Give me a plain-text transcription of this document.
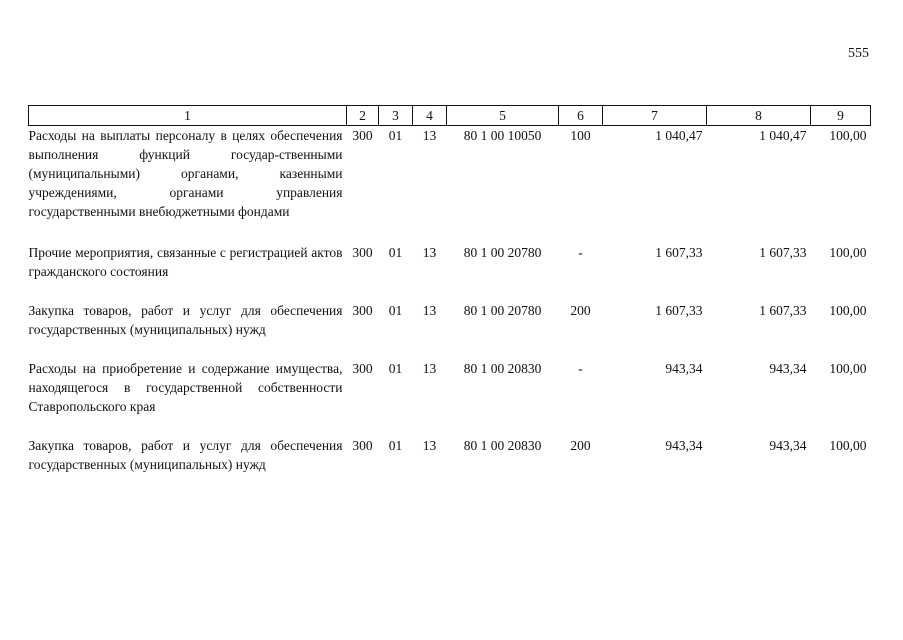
555
1	2	3	4	5	6	7	8	9
Расходы на выплаты персоналу в целях обеспечения выполнения функций государ-ственными (муниципальными) органами, казенными учреждениями, органами управления государственными внебюджетными фондами	300	01	13	80 1 00 10050	100	1 040,47	1 040,47	100,00
Прочие мероприятия, связанные с регистрацией актов гражданского состояния	300	01	13	80 1 00 20780	-	1 607,33	1 607,33	100,00
Закупка товаров, работ и услуг для обеспечения государственных (муниципальных) нужд	300	01	13	80 1 00 20780	200	1 607,33	1 607,33	100,00
Расходы на приобретение и содержание имущества, находящегося в государственной собственности Ставропольского края	300	01	13	80 1 00 20830	-	943,34	943,34	100,00
Закупка товаров, работ и услуг для обеспечения государственных (муниципальных) нужд	300	01	13	80 1 00 20830	200	943,34	943,34	100,00
